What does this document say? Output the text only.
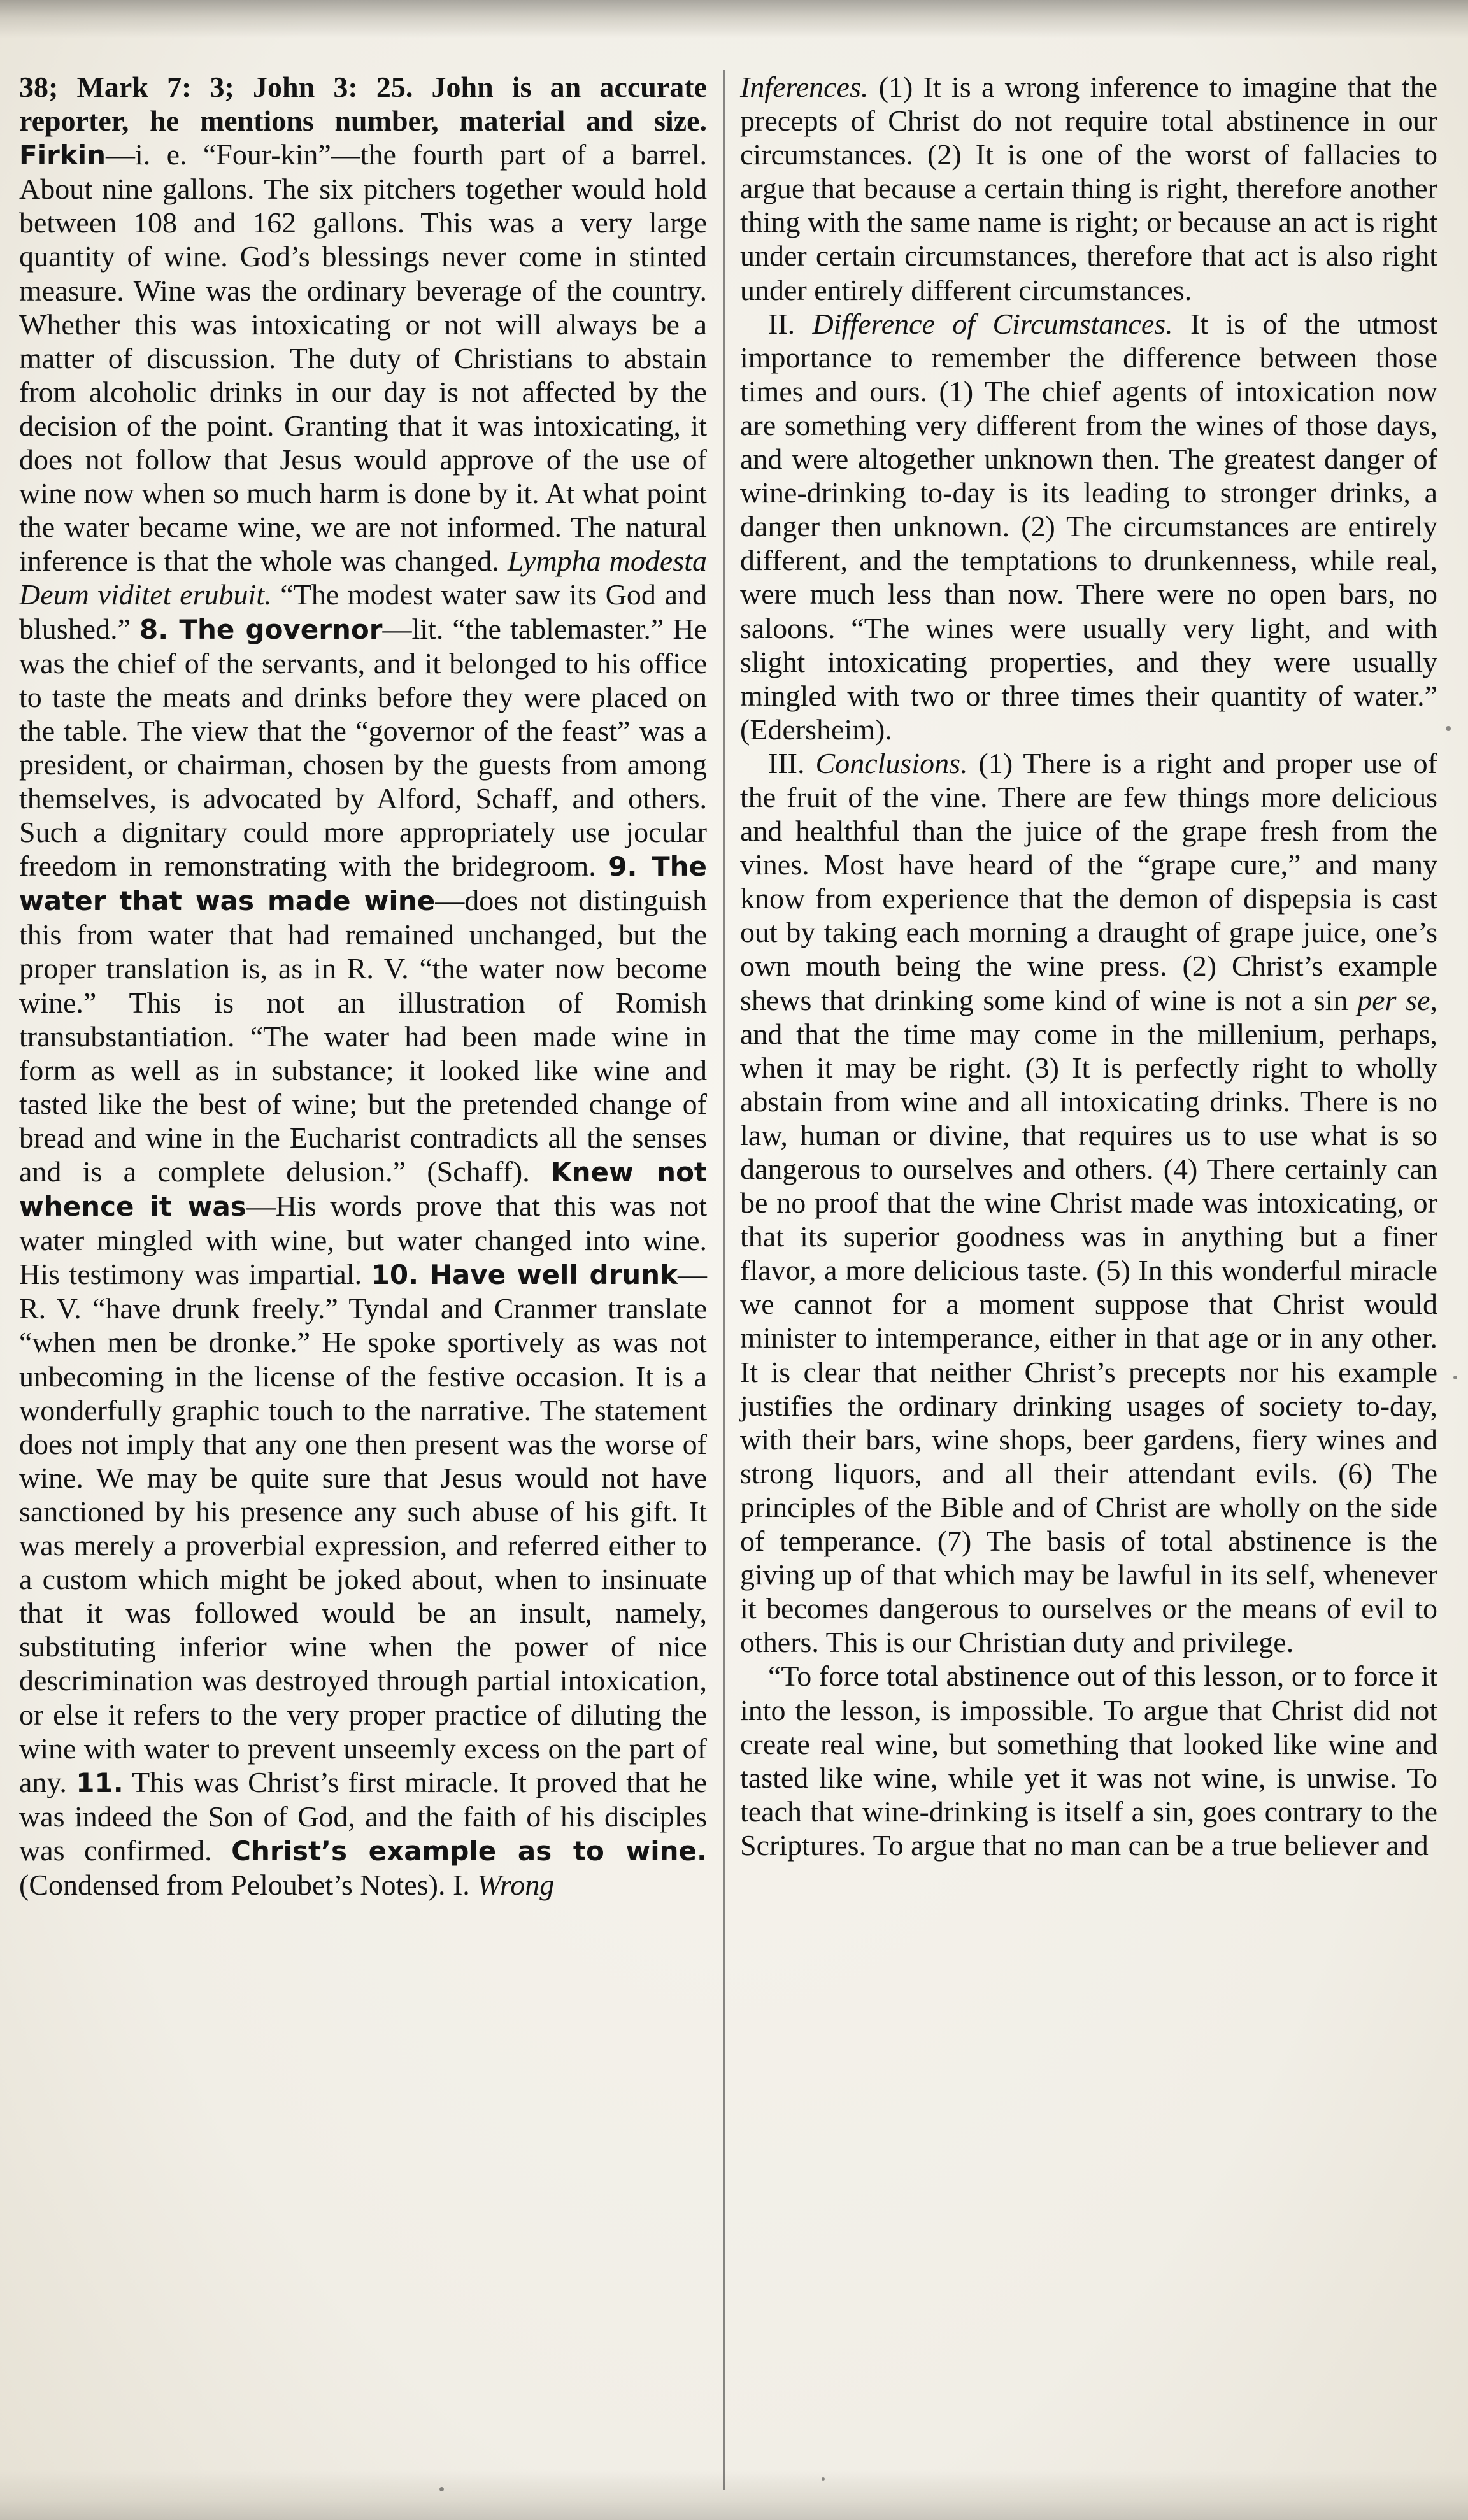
38; Mark 7: 3; John 3: 25. John is an accurate reporter, he mentions number, material and size. Firkin—i. e. “Four-kin”—the fourth part of a barrel. About nine gallons. The six pitchers together would hold between 108 and 162 gallons. This was a very large quantity of wine. God’s blessings never come in stinted measure. Wine was the ordinary beverage of the country. Whether this was intoxicating or not will always be a matter of discussion. The duty of Christians to abstain from alcoholic drinks in our day is not affected by the decision of the point. Granting that it was intoxicating, it does not follow that Jesus would approve of the use of wine now when so much harm is done by it. At what point the water became wine, we are not informed. The natural inference is that the whole was changed. Lympha modesta Deum viditet erubuit. “The modest water saw its God and blushed.” 8. The governor—lit. “the tablemaster.” He was the chief of the servants, and it belonged to his office to taste the meats and drinks before they were placed on the table. The view that the “governor of the feast” was a president, or chairman, chosen by the guests from among themselves, is advocated by Alford, Schaff, and others. Such a dignitary could more appropriately use jocular freedom in remonstrating with the bridegroom. 9. The water that was made wine—does not distinguish this from water that had remained unchanged, but the proper translation is, as in R. V. “the water now become wine.” This is not an illustration of Romish transubstantiation. “The water had been made wine in form as well as in substance; it looked like wine and tasted like the best of wine; but the pretended change of bread and wine in the Eucharist contradicts all the senses and is a complete delusion.” (Schaff). Knew not whence it was—His words prove that this was not water mingled with wine, but water changed into wine. His testimony was impartial. 10. Have well drunk—R. V. “have drunk freely.” Tyndal and Cranmer translate “when men be dronke.” He spoke sportively as was not unbecoming in the license of the festive occasion. It is a wonderfully graphic touch to the narrative. The statement does not imply that any one then present was the worse of wine. We may be quite sure that Jesus would not have sanctioned by his presence any such abuse of his gift. It was merely a proverbial expression, and referred either to a custom which might be joked about, when to insinuate that it was followed would be an insult, namely, substituting inferior wine when the power of nice descrimination was destroyed through partial intoxication, or else it refers to the very proper practice of diluting the wine with water to prevent unseemly excess on the part of any. 11. This was Christ’s first miracle. It proved that he was indeed the Son of God, and the faith of his disciples was confirmed. Christ’s example as to wine. (Condensed from Peloubet’s Notes). I. Wrong

Inferences. (1) It is a wrong inference to imagine that the precepts of Christ do not require total abstinence in our circumstances. (2) It is one of the worst of fallacies to argue that because a certain thing is right, therefore another thing with the same name is right; or because an act is right under certain circumstances, therefore that act is also right under entirely different circumstances.

II. Difference of Circumstances. It is of the utmost importance to remember the difference between those times and ours. (1) The chief agents of intoxication now are something very different from the wines of those days, and were altogether unknown then. The greatest danger of wine-drinking to-day is its leading to stronger drinks, a danger then unknown. (2) The circumstances are entirely different, and the temptations to drunkenness, while real, were much less than now. There were no open bars, no saloons. “The wines were usually very light, and with slight intoxicating properties, and they were usually mingled with two or three times their quantity of water.” (Edersheim).

III. Conclusions. (1) There is a right and proper use of the fruit of the vine. There are few things more delicious and healthful than the juice of the grape fresh from the vines. Most have heard of the “grape cure,” and many know from experience that the demon of dispepsia is cast out by taking each morning a draught of grape juice, one’s own mouth being the wine press. (2) Christ’s example shews that drinking some kind of wine is not a sin per se, and that the time may come in the millenium, perhaps, when it may be right. (3) It is perfectly right to wholly abstain from wine and all intoxicating drinks. There is no law, human or divine, that requires us to use what is so dangerous to ourselves and others. (4) There certainly can be no proof that the wine Christ made was intoxicating, or that its superior goodness was in anything but a finer flavor, a more delicious taste. (5) In this wonderful miracle we cannot for a moment suppose that Christ would minister to intemperance, either in that age or in any other. It is clear that neither Christ’s precepts nor his example justifies the ordinary drinking usages of society to-day, with their bars, wine shops, beer gardens, fiery wines and strong liquors, and all their attendant evils. (6) The principles of the Bible and of Christ are wholly on the side of temperance. (7) The basis of total abstinence is the giving up of that which may be lawful in its self, whenever it becomes dangerous to ourselves or the means of evil to others. This is our Christian duty and privilege.

“To force total abstinence out of this lesson, or to force it into the lesson, is impossible. To argue that Christ did not create real wine, but something that looked like wine and tasted like wine, while yet it was not wine, is unwise. To teach that wine-drinking is itself a sin, goes contrary to the Scriptures. To argue that no man can be a true believer and
